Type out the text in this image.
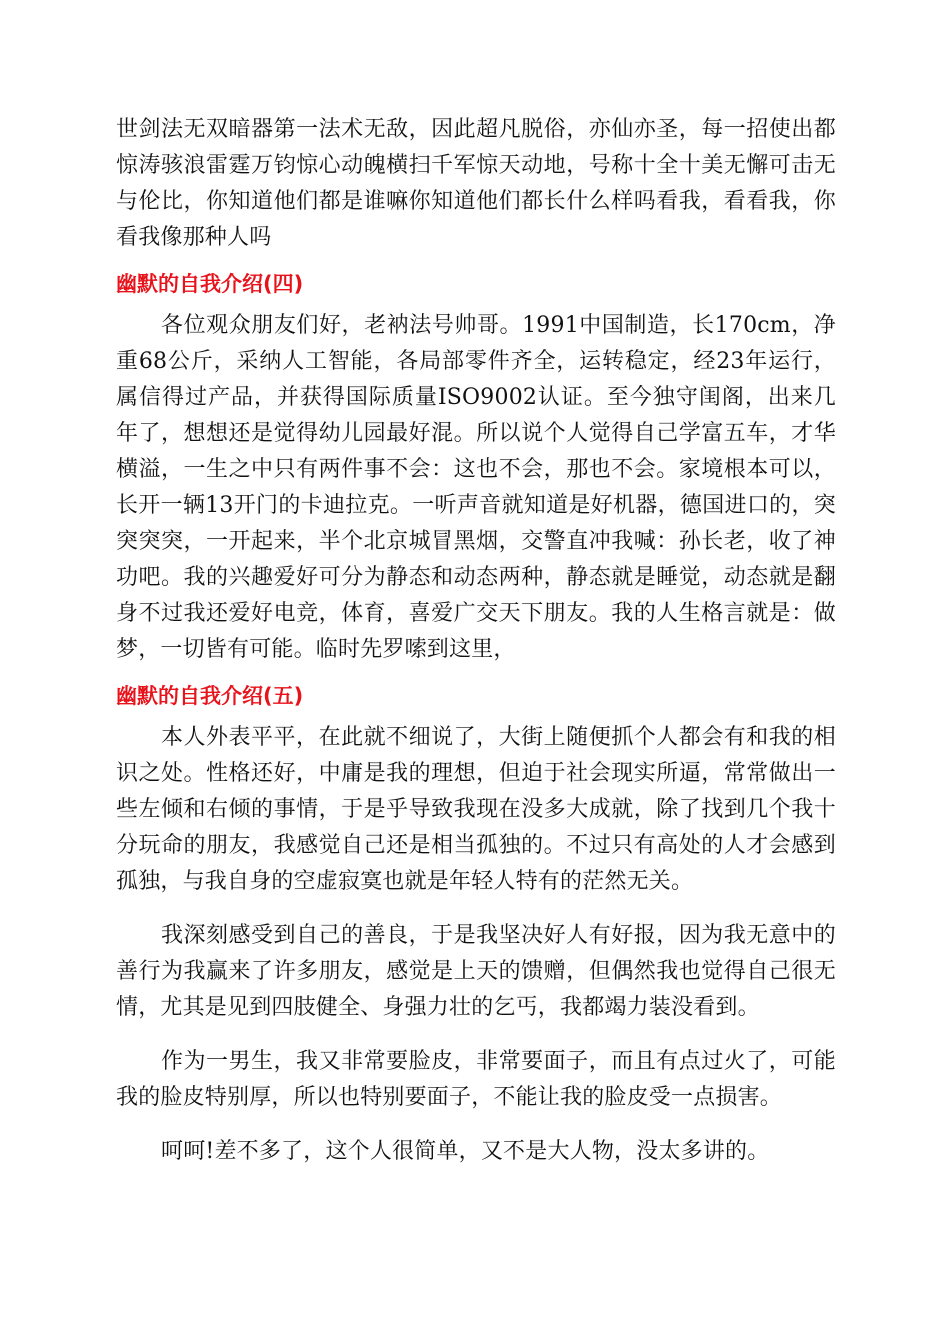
世剑法无双暗器第一法术无敌，因此超凡脱俗，亦仙亦圣，每一招使出都惊涛骇浪雷霆万钧惊心动魄横扫千军惊天动地，号称十全十美无懈可击无与伦比，你知道他们都是谁嘛你知道他们都长什么样吗看我，看看我，你看我像那种人吗

幽默的自我介绍(四)

各位观众朋友们好，老衲法号帅哥。1991中国制造，长170cm，净重68公斤，采纳人工智能，各局部零件齐全，运转稳定，经23年运行，属信得过产品，并获得国际质量ISO9002认证。至今独守闺阁，出来几年了，想想还是觉得幼儿园最好混。所以说个人觉得自己学富五车，才华横溢，一生之中只有两件事不会：这也不会，那也不会。家境根本可以，长开一辆13开门的卡迪拉克。一听声音就知道是好机器，德国进口的，突突突突，一开起来，半个北京城冒黑烟，交警直冲我喊：孙长老，收了神功吧。我的兴趣爱好可分为静态和动态两种，静态就是睡觉，动态就是翻身不过我还爱好电竞，体育，喜爱广交天下朋友。我的人生格言就是：做梦，一切皆有可能。临时先罗嗦到这里，

幽默的自我介绍(五)

本人外表平平，在此就不细说了，大街上随便抓个人都会有和我的相识之处。性格还好，中庸是我的理想，但迫于社会现实所逼，常常做出一些左倾和右倾的事情，于是乎导致我现在没多大成就，除了找到几个我十分玩命的朋友，我感觉自己还是相当孤独的。不过只有高处的人才会感到孤独，与我自身的空虚寂寞也就是年轻人特有的茫然无关。

我深刻感受到自己的善良，于是我坚决好人有好报，因为我无意中的善行为我赢来了许多朋友，感觉是上天的馈赠，但偶然我也觉得自己很无情，尤其是见到四肢健全、身强力壮的乞丐，我都竭力装没看到。

作为一男生，我又非常要脸皮，非常要面子，而且有点过火了，可能我的脸皮特别厚，所以也特别要面子，不能让我的脸皮受一点损害。

呵呵!差不多了，这个人很简单，又不是大人物，没太多讲的。
